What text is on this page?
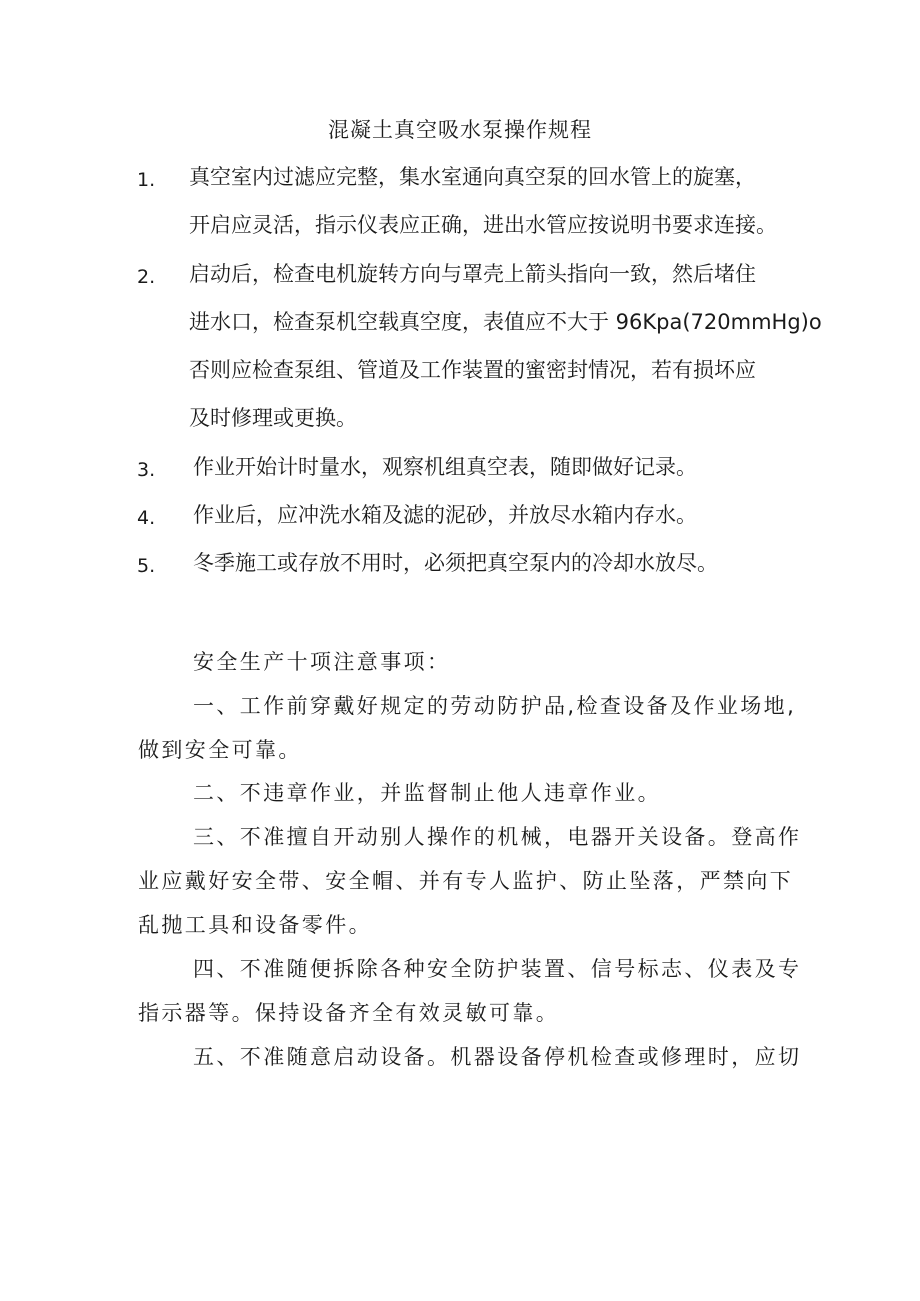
混凝土真空吸水泵操作规程
1. 真空室内过滤应完整，集水室通向真空泵的回水管上的旋塞，

开启应灵活，指示仪表应正确，进出水管应按说明书要求连接。

2. 启动后，检查电机旋转方向与罩壳上箭头指向一致，然后堵住

进水口，检查泵机空载真空度，表值应不大于 96Kpa(720mmHg)o

否则应检查泵组、管道及工作装置的蜜密封情况，若有损坏应

及时修理或更换。

3. 作业开始计时量水，观察机组真空表，随即做好记录。

4. 作业后，应冲洗水箱及滤的泥砂，并放尽水箱内存水。

5. 冬季施工或存放不用时，必须把真空泵内的冷却水放尽。

安全生产十项注意事项：

一、工作前穿戴好规定的劳动防护品,检查设备及作业场地,

做到安全可靠。

二、不违章作业，并监督制止他人违章作业。

三、不准擅自开动别人操作的机械，电器开关设备。登高作

业应戴好安全带、安全帽、并有专人监护、防止坠落，严禁向下

乱抛工具和设备零件。

四、不准随便拆除各种安全防护装置、信号标志、仪表及专

指示器等。保持设备齐全有效灵敏可靠。

五、不准随意启动设备。机器设备停机检查或修理时，应切
